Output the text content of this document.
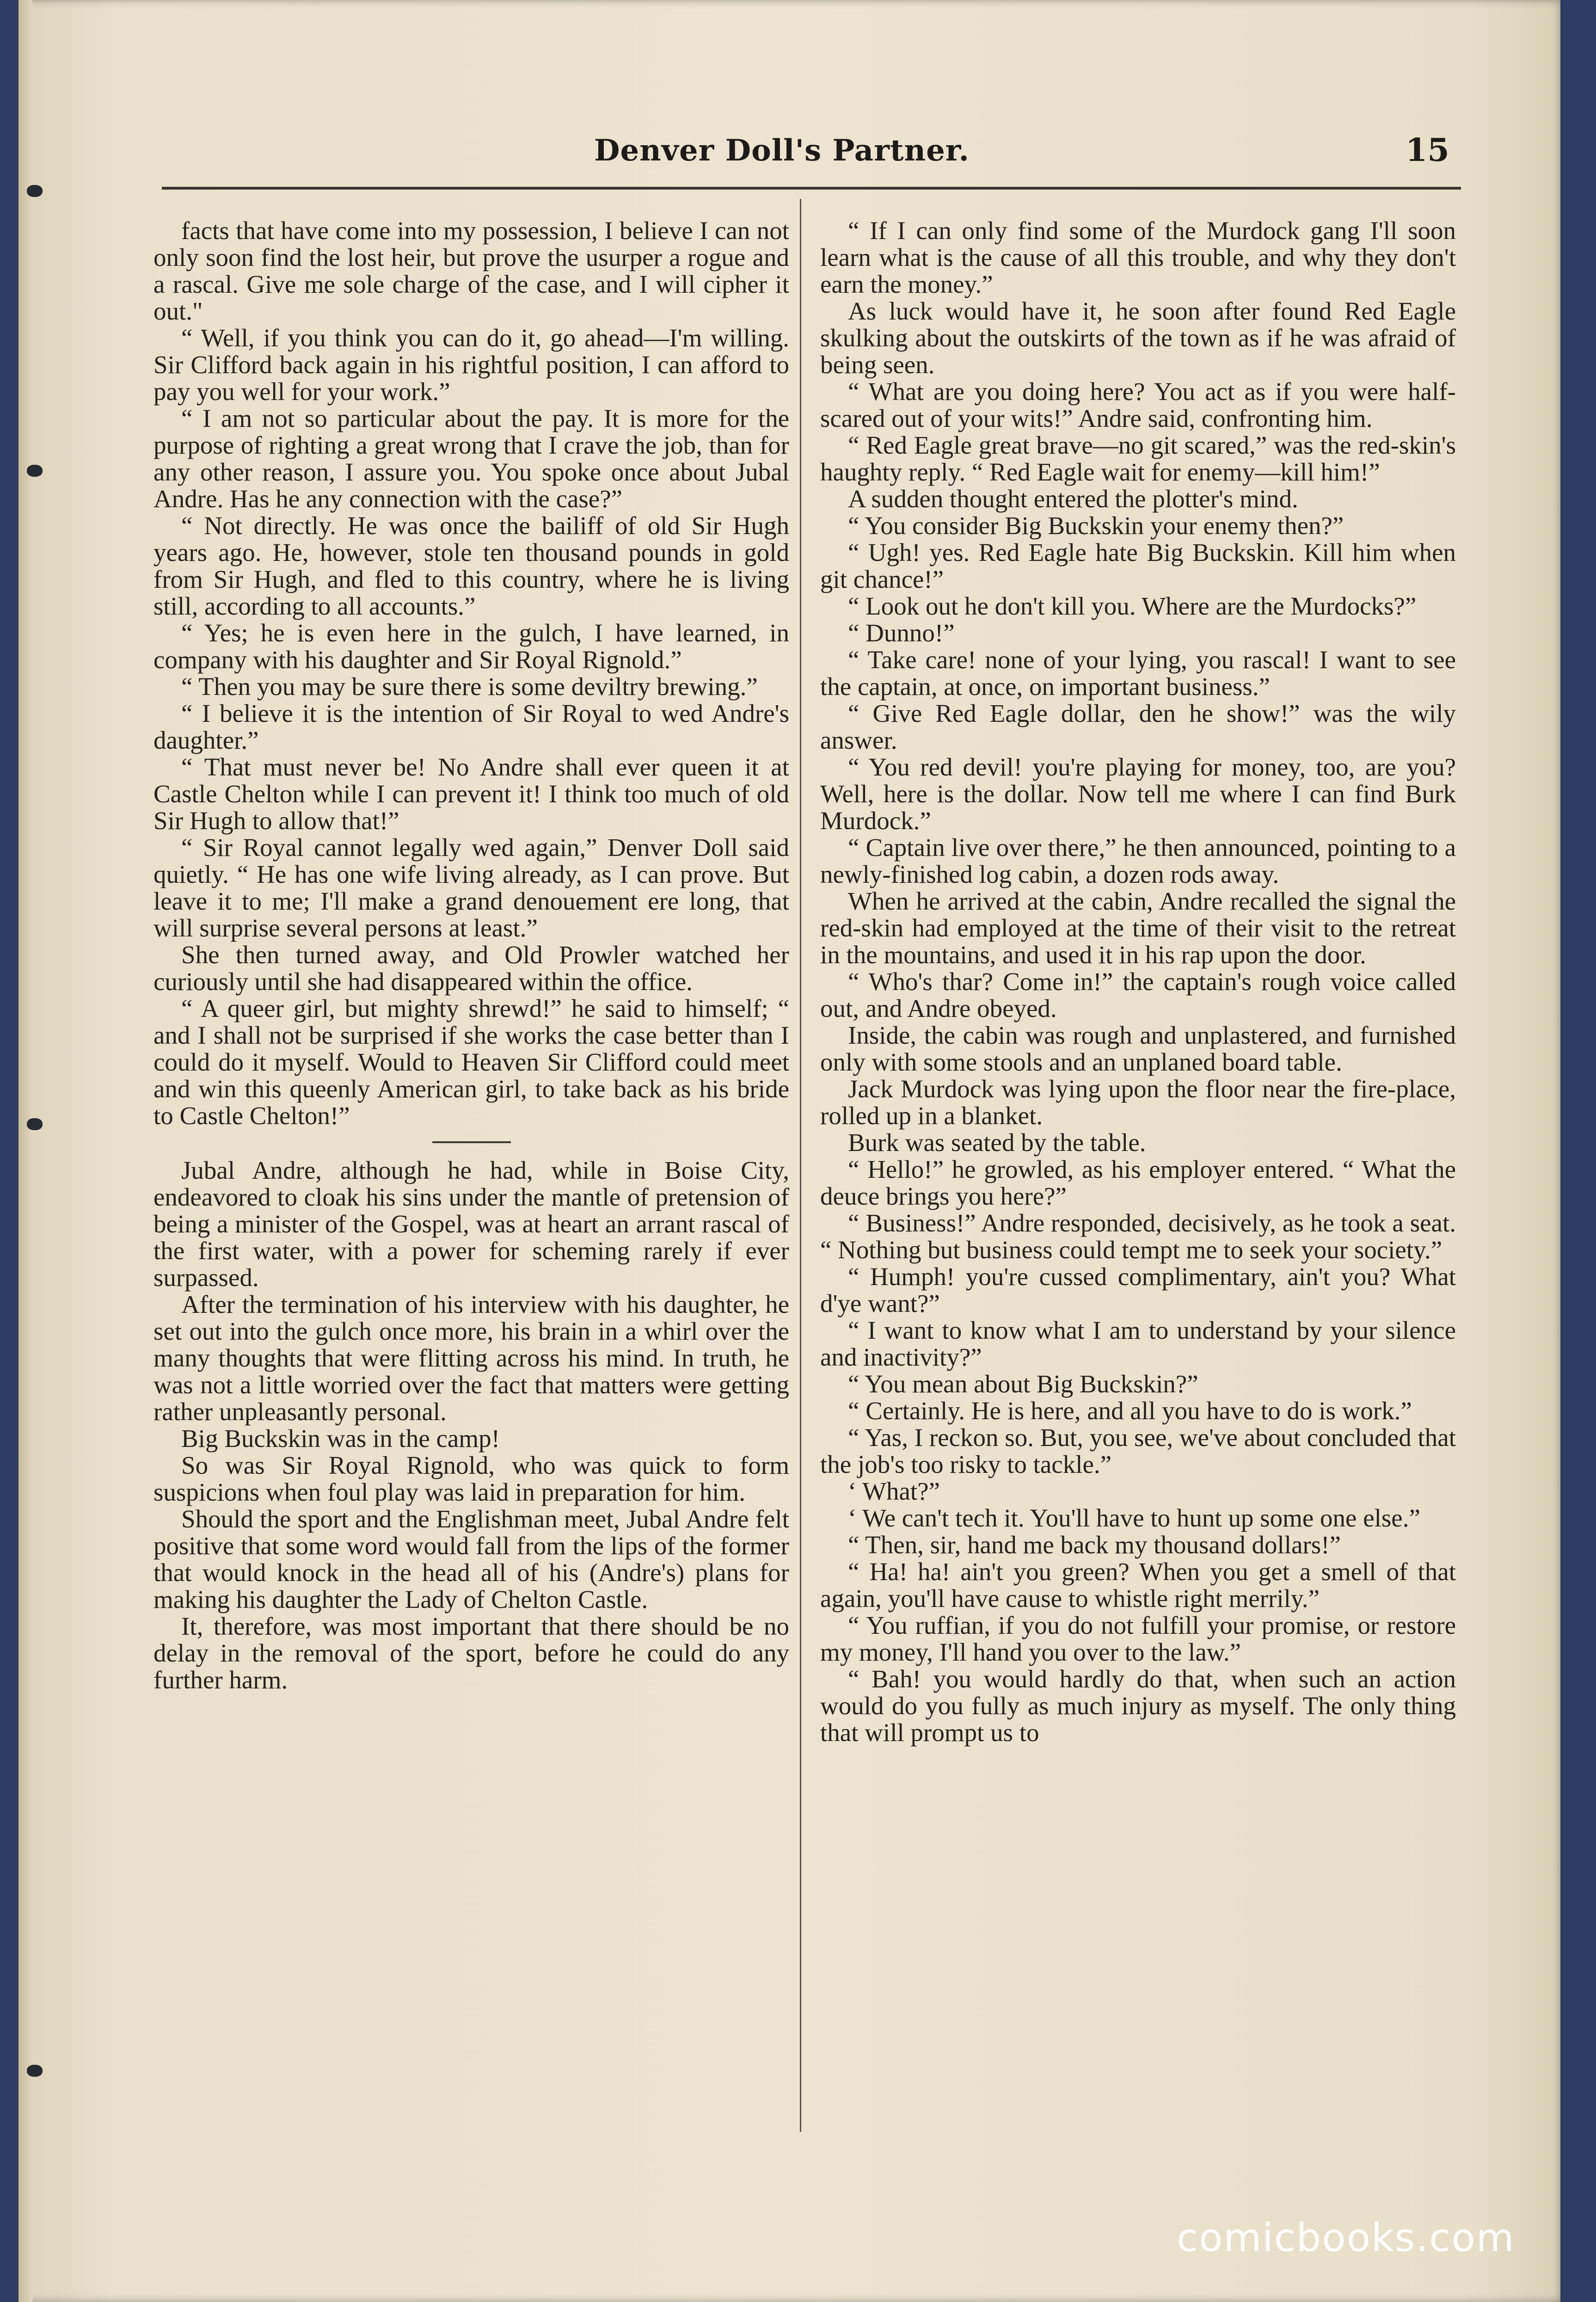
Denver Doll's Partner.	15

facts that have come into my possession, I believe I can not only soon find the lost heir, but prove the usurper a rogue and a rascal. Give me sole charge of the case, and I will cipher it out."

“ Well, if you think you can do it, go ahead—I'm willing. Sir Clifford back again in his rightful position, I can afford to pay you well for your work.”

“ I am not so particular about the pay. It is more for the purpose of righting a great wrong that I crave the job, than for any other reason, I assure you. You spoke once about Jubal Andre. Has he any connection with the case?”

“ Not directly. He was once the bailiff of old Sir Hugh years ago. He, however, stole ten thousand pounds in gold from Sir Hugh, and fled to this country, where he is living still, according to all accounts.”

“ Yes; he is even here in the gulch, I have learned, in company with his daughter and Sir Royal Rignold.”

“ Then you may be sure there is some deviltry brewing.”

“ I believe it is the intention of Sir Royal to wed Andre's daughter.”

“ That must never be! No Andre shall ever queen it at Castle Chelton while I can prevent it! I think too much of old Sir Hugh to allow that!”

“ Sir Royal cannot legally wed again,” Denver Doll said quietly. “ He has one wife living already, as I can prove. But leave it to me; I'll make a grand denouement ere long, that will surprise several persons at least.”

She then turned away, and Old Prowler watched her curiously until she had disappeared within the office.

“ A queer girl, but mighty shrewd!” he said to himself; “ and I shall not be surprised if she works the case better than I could do it myself. Would to Heaven Sir Clifford could meet and win this queenly American girl, to take back as his bride to Castle Chelton!”

Jubal Andre, although he had, while in Boise City, endeavored to cloak his sins under the mantle of pretension of being a minister of the Gospel, was at heart an arrant rascal of the first water, with a power for scheming rarely if ever surpassed.

After the termination of his interview with his daughter, he set out into the gulch once more, his brain in a whirl over the many thoughts that were flitting across his mind. In truth, he was not a little worried over the fact that matters were getting rather unpleasantly personal.

Big Buckskin was in the camp!

So was Sir Royal Rignold, who was quick to form suspicions when foul play was laid in preparation for him.

Should the sport and the Englishman meet, Jubal Andre felt positive that some word would fall from the lips of the former that would knock in the head all of his (Andre's) plans for making his daughter the Lady of Chelton Castle.

It, therefore, was most important that there should be no delay in the removal of the sport, before he could do any further harm.

“ If I can only find some of the Murdock gang I'll soon learn what is the cause of all this trouble, and why they don't earn the money.”

As luck would have it, he soon after found Red Eagle skulking about the outskirts of the town as if he was afraid of being seen.

“ What are you doing here? You act as if you were half-scared out of your wits!” Andre said, confronting him.

“ Red Eagle great brave—no git scared,” was the red-skin's haughty reply. “ Red Eagle wait for enemy—kill him!”

A sudden thought entered the plotter's mind.

“ You consider Big Buckskin your enemy then?”

“ Ugh! yes. Red Eagle hate Big Buckskin. Kill him when git chance!”

“ Look out he don't kill you. Where are the Murdocks?”

“ Dunno!”

“ Take care! none of your lying, you rascal! I want to see the captain, at once, on important business.”

“ Give Red Eagle dollar, den he show!” was the wily answer.

“ You red devil! you're playing for money, too, are you? Well, here is the dollar. Now tell me where I can find Burk Murdock.”

“ Captain live over there,” he then announced, pointing to a newly-finished log cabin, a dozen rods away.

When he arrived at the cabin, Andre recalled the signal the red-skin had employed at the time of their visit to the retreat in the mountains, and used it in his rap upon the door.

“ Who's thar? Come in!” the captain's rough voice called out, and Andre obeyed.

Inside, the cabin was rough and unplastered, and furnished only with some stools and an unplaned board table.

Jack Murdock was lying upon the floor near the fire-place, rolled up in a blanket.

Burk was seated by the table.

“ Hello!” he growled, as his employer entered. “ What the deuce brings you here?”

“ Business!” Andre responded, decisively, as he took a seat. “ Nothing but business could tempt me to seek your society.”

“ Humph! you're cussed complimentary, ain't you? What d'ye want?”

“ I want to know what I am to understand by your silence and inactivity?”

“ You mean about Big Buckskin?”

“ Certainly. He is here, and all you have to do is work.”

“ Yas, I reckon so. But, you see, we've about concluded that the job's too risky to tackle.”

‘ What?”

‘ We can't tech it. You'll have to hunt up some one else.”

“ Then, sir, hand me back my thousand dollars!”

“ Ha! ha! ain't you green? When you get a smell of that again, you'll have cause to whistle right merrily.”

“ You ruffian, if you do not fulfill your promise, or restore my money, I'll hand you over to the law.”

“ Bah! you would hardly do that, when such an action would do you fully as much injury as myself. The only thing that will prompt us to

comicbooks.com
